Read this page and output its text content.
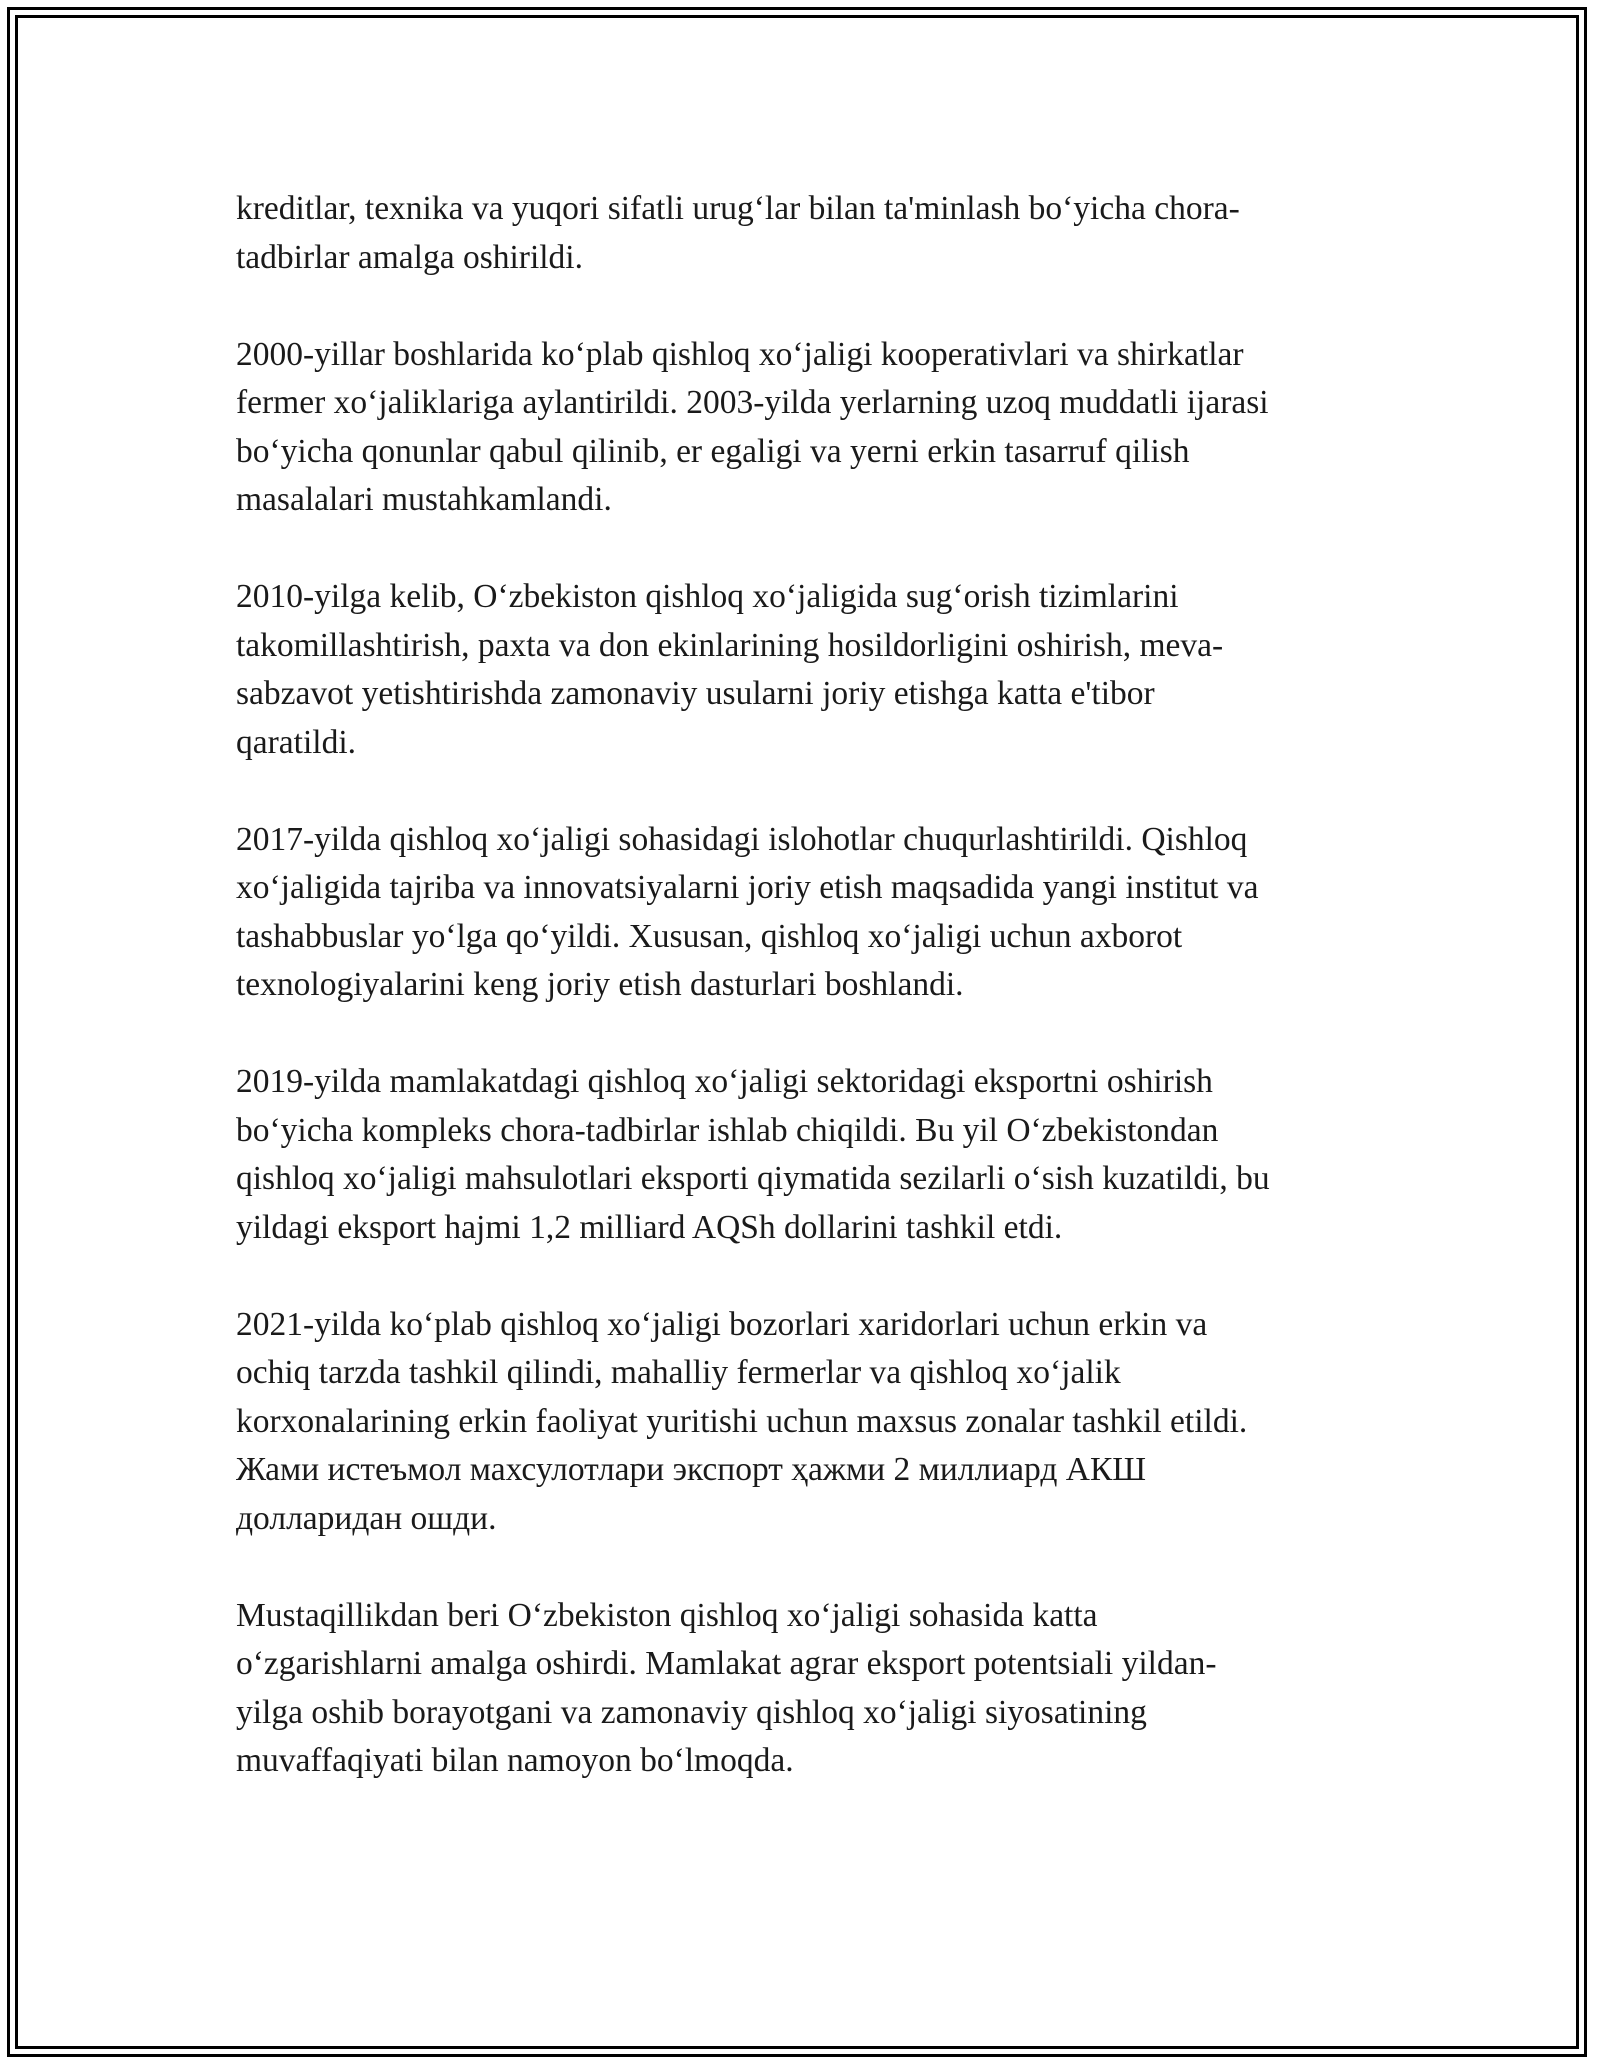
kreditlar, texnika va yuqori sifatli urug‘lar bilan ta'minlash bo‘yicha chora-
tadbirlar amalga oshirildi.

2000-yillar boshlarida ko‘plab qishloq xo‘jaligi kooperativlari va shirkatlar
fermer xo‘jaliklariga aylantirildi. 2003-yilda yerlarning uzoq muddatli ijarasi
bo‘yicha qonunlar qabul qilinib, er egaligi va yerni erkin tasarruf qilish
masalalari mustahkamlandi.

2010-yilga kelib, O‘zbekiston qishloq xo‘jaligida sug‘orish tizimlarini
takomillashtirish, paxta va don ekinlarining hosildorligini oshirish, meva-
sabzavot yetishtirishda zamonaviy usularni joriy etishga katta e'tibor
qaratildi.

2017-yilda qishloq xo‘jaligi sohasidagi islohotlar chuqurlashtirildi. Qishloq
xo‘jaligida tajriba va innovatsiyalarni joriy etish maqsadida yangi institut va
tashabbuslar yo‘lga qo‘yildi. Xususan, qishloq xo‘jaligi uchun axborot
texnologiyalarini keng joriy etish dasturlari boshlandi.

2019-yilda mamlakatdagi qishloq xo‘jaligi sektoridagi eksportni oshirish
bo‘yicha kompleks chora-tadbirlar ishlab chiqildi. Bu yil O‘zbekistondan
qishloq xo‘jaligi mahsulotlari eksporti qiymatida sezilarli o‘sish kuzatildi, bu
yildagi eksport hajmi 1,2 milliard AQSh dollarini tashkil etdi.

2021-yilda ko‘plab qishloq xo‘jaligi bozorlari xaridorlari uchun erkin va
ochiq tarzda tashkil qilindi, mahalliy fermerlar va qishloq xo‘jalik
korxonalarining erkin faoliyat yuritishi uchun maxsus zonalar tashkil etildi.
Жами истеъмол махсулотлари экспорт ҳажми 2 миллиард АКШ
долларидан ошди.

Mustaqillikdan beri O‘zbekiston qishloq xo‘jaligi sohasida katta
o‘zgarishlarni amalga oshirdi. Mamlakat agrar eksport potentsiali yildan-
yilga oshib borayotgani va zamonaviy qishloq xo‘jaligi siyosatining
muvaffaqiyati bilan namoyon bo‘lmoqda.
